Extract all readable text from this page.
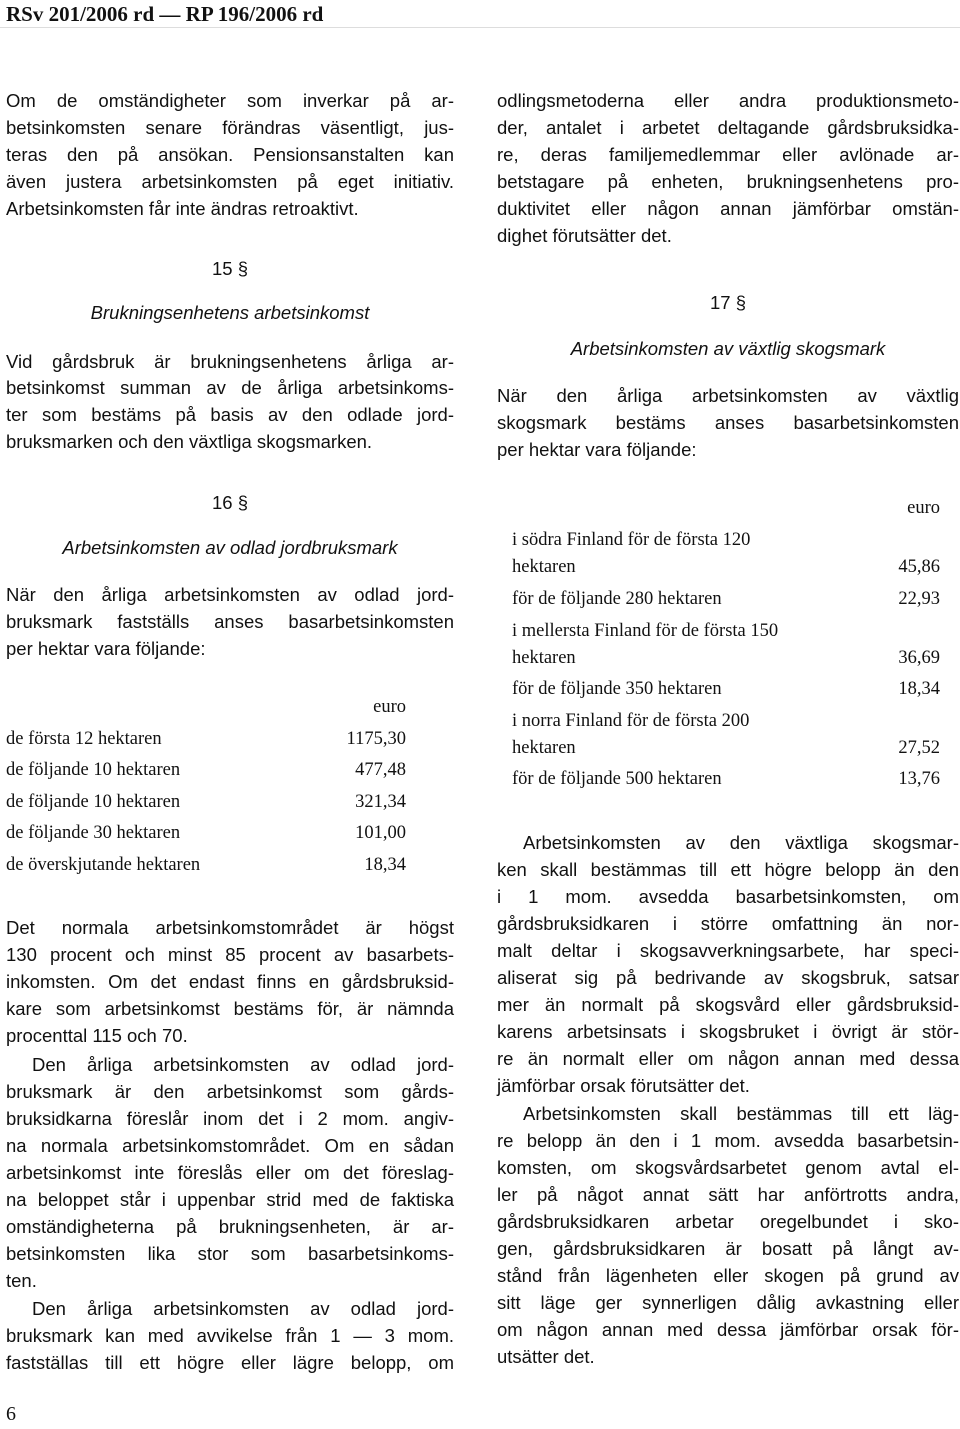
RSv 201/2006 rd — RP 196/2006 rd
Om de omständigheter som inverkar på ar-
betsinkomsten senare förändras väsentligt, jus-
teras den på ansökan. Pensionsanstalten kan
även justera arbetsinkomsten på eget initiativ.
Arbetsinkomsten får inte ändras retroaktivt.
15 §
Brukningsenhetens arbetsinkomst
Vid gårdsbruk är brukningsenhetens årliga ar-
betsinkomst summan av de årliga arbetsinkoms-
ter som bestäms på basis av den odlade jord-
bruksmarken och den växtliga skogsmarken.
16 §
Arbetsinkomsten av odlad jordbruksmark
När den årliga arbetsinkomsten av odlad jord-
bruksmark fastställs anses basarbetsinkomsten
per hektar vara följande:
euro
de första 12 hektaren	1175,30
de följande 10 hektaren	477,48
de följande 10 hektaren	321,34
de följande 30 hektaren	101,00
de överskjutande hektaren	18,34
Det normala arbetsinkomstområdet är högst
130 procent och minst 85 procent av basarbets-
inkomsten. Om det endast finns en gårdsbruksid-
kare som arbetsinkomst bestäms för, är nämnda
procenttal 115 och 70.
Den årliga arbetsinkomsten av odlad jord-
bruksmark är den arbetsinkomst som gårds-
bruksidkarna föreslår inom det i 2 mom. angiv-
na normala arbetsinkomstområdet. Om en sådan
arbetsinkomst inte föreslås eller om det föreslag-
na beloppet står i uppenbar strid med de faktiska
omständigheterna på brukningsenheten, är ar-
betsinkomsten lika stor som basarbetsinkoms-
ten.
Den årliga arbetsinkomsten av odlad jord-
bruksmark kan med avvikelse från 1 — 3 mom.
fastställas till ett högre eller lägre belopp, om
odlingsmetoderna eller andra produktionsmeto-
der, antalet i arbetet deltagande gårdsbruksidka-
re, deras familjemedlemmar eller avlönade ar-
betstagare på enheten, brukningsenhetens pro-
duktivitet eller någon annan jämförbar omstän-
dighet förutsätter det.
17 §
Arbetsinkomsten av växtlig skogsmark
När den årliga arbetsinkomsten av växtlig
skogsmark bestäms anses basarbetsinkomsten
per hektar vara följande:
euro
i södra Finland för de första 120
hektaren	45,86
för de följande 280 hektaren	22,93
i mellersta Finland för de första 150
hektaren	36,69
för de följande 350 hektaren	18,34
i norra Finland för de första 200
hektaren	27,52
för de följande 500 hektaren	13,76
Arbetsinkomsten av den växtliga skogsmar-
ken skall bestämmas till ett högre belopp än den
i 1 mom. avsedda basarbetsinkomsten, om
gårdsbruksidkaren i större omfattning än nor-
malt deltar i skogsavverkningsarbete, har speci-
aliserat sig på bedrivande av skogsbruk, satsar
mer än normalt på skogsvård eller gårdsbruksid-
karens arbetsinsats i skogsbruket i övrigt är stör-
re än normalt eller om någon annan med dessa
jämförbar orsak förutsätter det.
Arbetsinkomsten skall bestämmas till ett läg-
re belopp än den i 1 mom. avsedda basarbetsin-
komsten, om skogsvårdsarbetet genom avtal el-
ler på något annat sätt har anförtrotts andra,
gårdsbruksidkaren arbetar oregelbundet i sko-
gen, gårdsbruksidkaren är bosatt på långt av-
stånd från lägenheten eller skogen på grund av
sitt läge ger synnerligen dålig avkastning eller
om någon annan med dessa jämförbar orsak för-
utsätter det.
6
